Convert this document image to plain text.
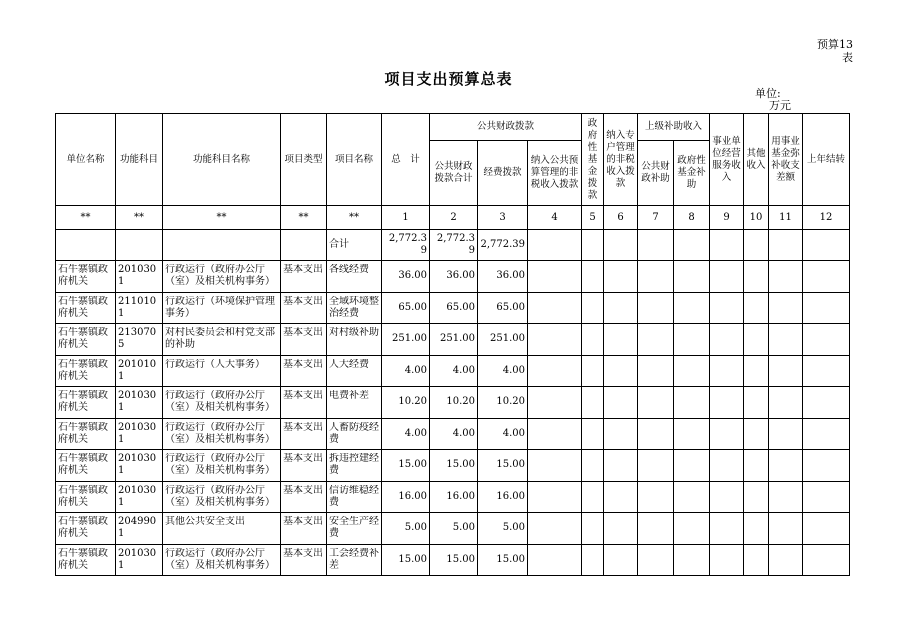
预算13
表
项目支出预算总表
单位:
万元
单位名称	功能科目	功能科目名称	项目类型	项目名称	总　计	公共财政拨款			政府性基金拨款	纳入专户管理的非税收入拨款	上级补助收入		事业单位经营服务收入	其他收入	用事业基金弥补收支差额	上年结转
						公共财政拨款合计	经费拨款	纳入公共预算管理的非税收入拨款			公共财政补助	政府性基金补助				
**	**	**	**	**	1	2	3	4	5	6	7	8	9	10	11	12
				合计	2,772.39	2,772.39	2,772.39									

石牛寨镇政府机关	2010301	行政运行（政府办公厅（室）及相关机构事务）	基本支出	各线经费	36.00	36.00	36.00									

石牛寨镇政府机关	2110101	行政运行（环境保护管理事务）	基本支出	全域环境整治经费	65.00	65.00	65.00									

石牛寨镇政府机关	2130705	对村民委员会和村党支部的补助	基本支出	对村级补助	251.00	251.00	251.00									

石牛寨镇政府机关	2010101	行政运行（人大事务）	基本支出	人大经费	4.00	4.00	4.00									

石牛寨镇政府机关	2010301	行政运行（政府办公厅（室）及相关机构事务）	基本支出	电费补差	10.20	10.20	10.20									

石牛寨镇政府机关	2010301	行政运行（政府办公厅（室）及相关机构事务）	基本支出	人畜防疫经费	4.00	4.00	4.00									

石牛寨镇政府机关	2010301	行政运行（政府办公厅（室）及相关机构事务）	基本支出	拆违控建经费	15.00	15.00	15.00									

石牛寨镇政府机关	2010301	行政运行（政府办公厅（室）及相关机构事务）	基本支出	信访维稳经费	16.00	16.00	16.00									

石牛寨镇政府机关	2049901	其他公共安全支出	基本支出	安全生产经费	5.00	5.00	5.00									

石牛寨镇政府机关	2010301	行政运行（政府办公厅（室）及相关机构事务）	基本支出	工会经费补差	15.00	15.00	15.00									
